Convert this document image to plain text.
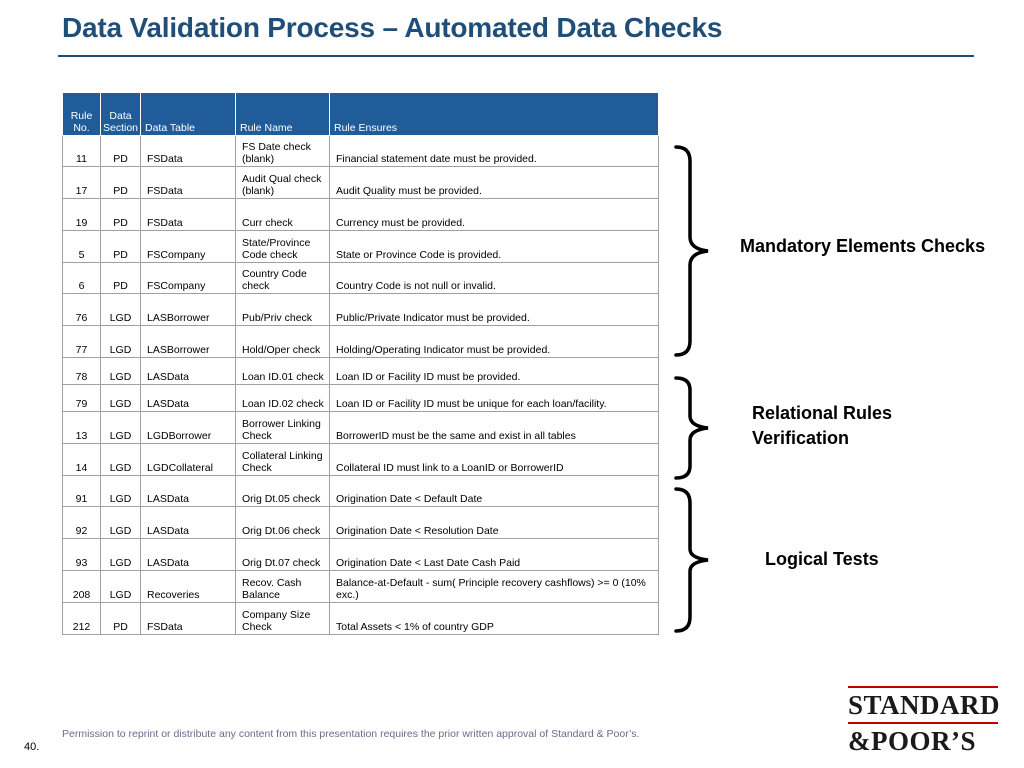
Data Validation Process – Automated Data Checks
Rule No.	Data Section	Data Table	Rule Name	Rule Ensures
11	PD	FSData	FS Date check (blank)	Financial statement date must be provided.
17	PD	FSData	Audit Qual check (blank)	Audit Quality must be provided.
19	PD	FSData	Curr check	Currency must be provided.
5	PD	FSCompany	State/Province Code check	State or Province Code is provided.
6	PD	FSCompany	Country Code check	Country Code is not null or invalid.
76	LGD	LASBorrower	Pub/Priv check	Public/Private Indicator must be provided.
77	LGD	LASBorrower	Hold/Oper check	Holding/Operating Indicator must be provided.
78	LGD	LASData	Loan ID.01 check	Loan ID or Facility ID must be provided.
79	LGD	LASData	Loan ID.02 check	Loan ID or Facility ID must be unique for each loan/facility.
13	LGD	LGDBorrower	Borrower Linking Check	BorrowerID must be the same and exist in all tables
14	LGD	LGDCollateral	Collateral Linking Check	Collateral ID must link to a LoanID or BorrowerID
91	LGD	LASData	Orig Dt.05 check	Origination Date < Default Date
92	LGD	LASData	Orig Dt.06 check	Origination Date < Resolution Date
93	LGD	LASData	Orig Dt.07 check	Origination Date < Last Date Cash Paid
208	LGD	Recoveries	Recov. Cash Balance	Balance-at-Default - sum( Principle recovery cashflows) >= 0 (10% exc.)
212	PD	FSData	Company Size Check	Total Assets < 1% of country GDP
Mandatory Elements Checks
Relational Rules Verification
Logical Tests
Permission to reprint or distribute any content from this presentation requires the prior written approval of Standard & Poor’s.
40.
STANDARD
&POOR’S
